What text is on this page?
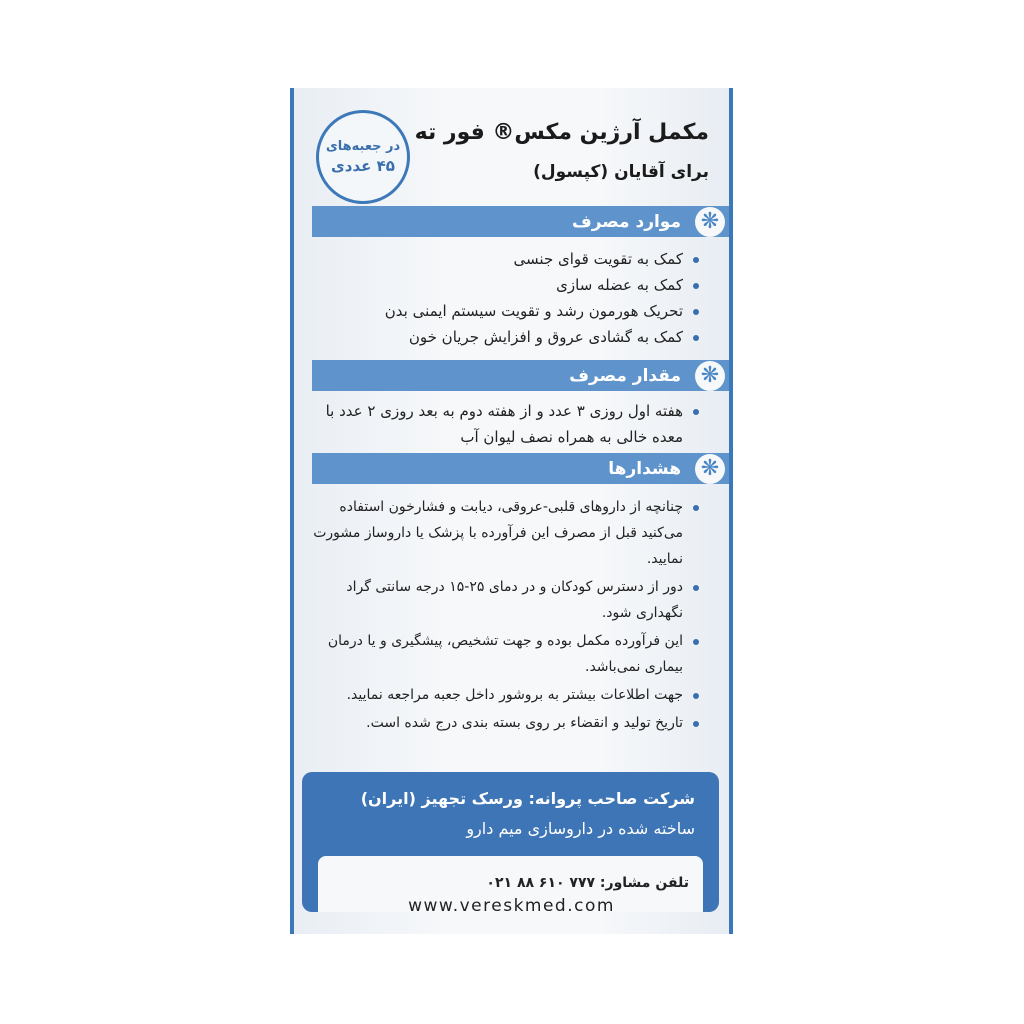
در جعبه‌های
۴۵ عددی
مکمل آرژین مکس® فور ته
برای آقایان (کپسول)
❋
موارد مصرف
کمک به تقویت قوای جنسی
کمک به عضله سازی
تحریک هورمون رشد و تقویت سیستم ایمنی بدن
کمک به گشادی عروق و افزایش جریان خون
❋
مقدار مصرف
هفته اول روزی ۳ عدد و از هفته دوم به بعد روزی ۲ عدد با معده خالی به همراه نصف لیوان آب
❋
هشدارها
چنانچه از داروهای قلبی-عروقی، دیابت و فشارخون استفاده می‌کنید قبل از مصرف این فرآورده با پزشک یا داروساز مشورت نمایید.
دور از دسترس کودکان و در دمای ۲۵-۱۵ درجه سانتی گراد نگهداری شود.
این فرآورده مکمل بوده و جهت تشخیص، پیشگیری و یا درمان بیماری نمی‌باشد.
جهت اطلاعات بیشتر به بروشور داخل جعبه مراجعه نمایید.
تاریخ تولید و انقضاء بر روی بسته بندی درج شده است.
شرکت صاحب پروانه: ورسک تجهیز (ایران)
ساخته شده در داروسازی میم دارو
تلفن مشاور: ۷۷۷ ۶۱۰ ۸۸ ۰۲۱
www.vereskmed.com
